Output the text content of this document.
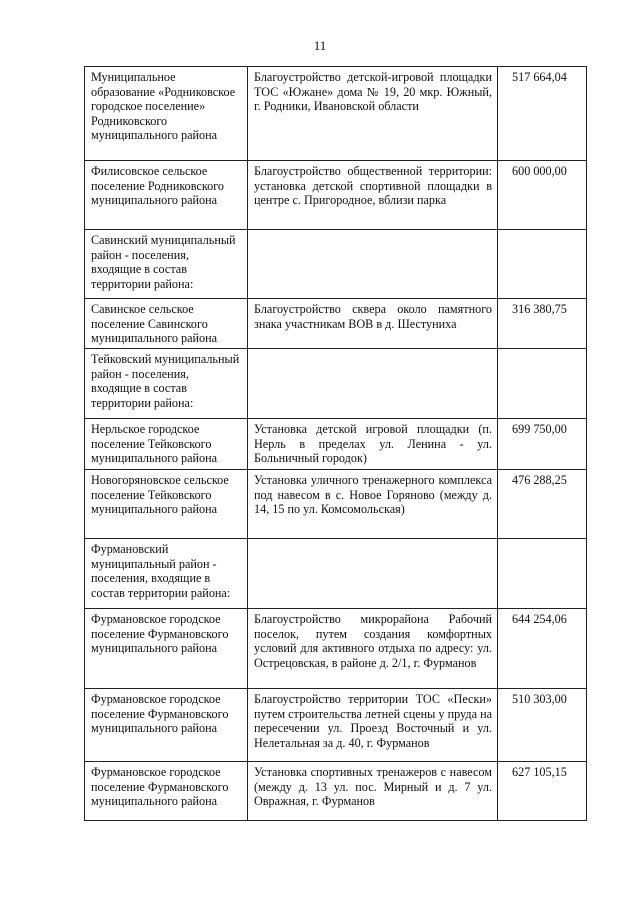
11
Муниципальное образование «Родниковское городское поселение» Родниковского муниципального района	Благоустройство детской-игровой площадки ТОС «Южане» дома № 19, 20 мкр. Южный, г. Родники, Ивановской области	517 664,04
Филисовское сельское поселение Родниковского муниципального района	Благоустройство общественной территории: установка детской спортивной площадки в центре с. Пригородное, вблизи парка	600 000,00
Савинский муниципальный район - поселения, входящие в состав территории района:		
Савинское сельское поселение Савинского муниципального района	Благоустройство сквера около памятного знака участникам ВОВ в д. Шестуниха	316 380,75
Тейковский муниципальный район - поселения, входящие в состав территории района:		
Нерльское городское поселение Тейковского муниципального района	Установка детской игровой площадки (п. Нерль в пределах ул. Ленина - ул. Больничный городок)	699 750,00
Новогоряновское сельское поселение Тейковского муниципального района	Установка уличного тренажерного комплекса под навесом в с. Новое Горяново (между д. 14, 15 по ул. Комсомольская)	476 288,25
Фурмановский муниципальный район - поселения, входящие в состав территории района:		
Фурмановское городское поселение Фурмановского муниципального района	Благоустройство микрорайона Рабочий поселок, путем создания комфортных условий для активного отдыха по адресу: ул. Острецовская, в районе д. 2/1, г. Фурманов	644 254,06
Фурмановское городское поселение Фурмановского муниципального района	Благоустройство территории ТОС «Пески» путем строительства летней сцены у пруда на пересечении ул. Проезд Восточный и ул. Нелетальная за д. 40, г. Фурманов	510 303,00
Фурмановское городское поселение Фурмановского муниципального района	Установка спортивных тренажеров с навесом (между д. 13 ул. пос. Мирный и д. 7 ул. Овражная, г. Фурманов	627 105,15
